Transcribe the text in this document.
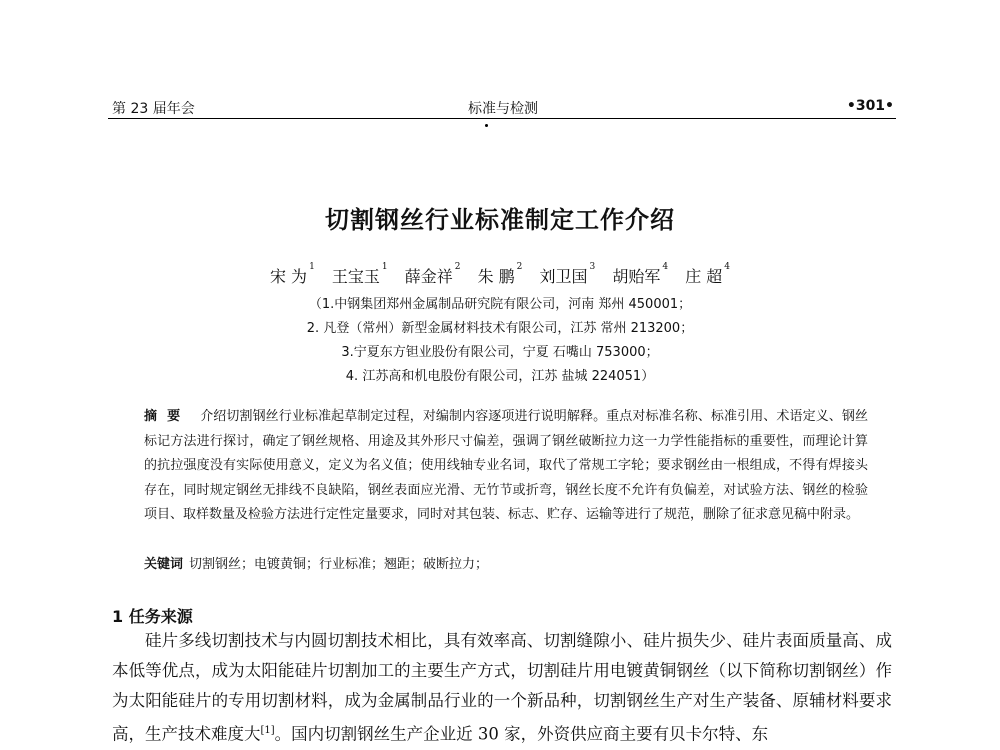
第 23 届年会	标准与检测	•301•
切割钢丝行业标准制定工作介绍
宋 为 $^1$ 王宝玉 $^1$ 薛金祥 $^2$ 朱 鹏 $^2$ 刘卫国 $^3$ 胡贻军 $^4$ 庄 超 $^4$
（1.中钢集团郑州金属制品研究院有限公司，河南 郑州 450001；
2. 凡登（常州）新型金属材料技术有限公司，江苏 常州 213200；
3.宁夏东方钽业股份有限公司，宁夏 石嘴山 753000；
4. 江苏高和机电股份有限公司，江苏 盐城 224051）
摘要 介绍切割钢丝行业标准起草制定过程，对编制内容逐项进行说明解释。重点对标准名称、标准引用、术语定义、钢丝标记方法进行探讨，确定了钢丝规格、用途及其外形尺寸偏差，强调了钢丝破断拉力这一力学性能指标的重要性，而理论计算的抗拉强度没有实际使用意义，定义为名义值；使用线轴专业名词，取代了常规工字轮；要求钢丝由一根组成，不得有焊接头存在，同时规定钢丝无排线不良缺陷，钢丝表面应光滑、无竹节或折弯，钢丝长度不允许有负偏差，对试验方法、钢丝的检验项目、取样数量及检验方法进行定性定量要求，同时对其包装、标志、贮存、运输等进行了规范，删除了征求意见稿中附录。
关键词 切割钢丝；电镀黄铜；行业标准；翘距；破断拉力；
1 任务来源
硅片多线切割技术与内圆切割技术相比，具有效率高、切割缝隙小、硅片损失少、硅片表面质量高、成本低等优点，成为太阳能硅片切割加工的主要生产方式，切割硅片用电镀黄铜钢丝（以下简称切割钢丝）作为太阳能硅片的专用切割材料，成为金属制品行业的一个新品种，切割钢丝生产对生产装备、原辅材料要求高，生产技术难度大[1]。国内切割钢丝生产企业近 30 家，外资供应商主要有贝卡尔特、东
